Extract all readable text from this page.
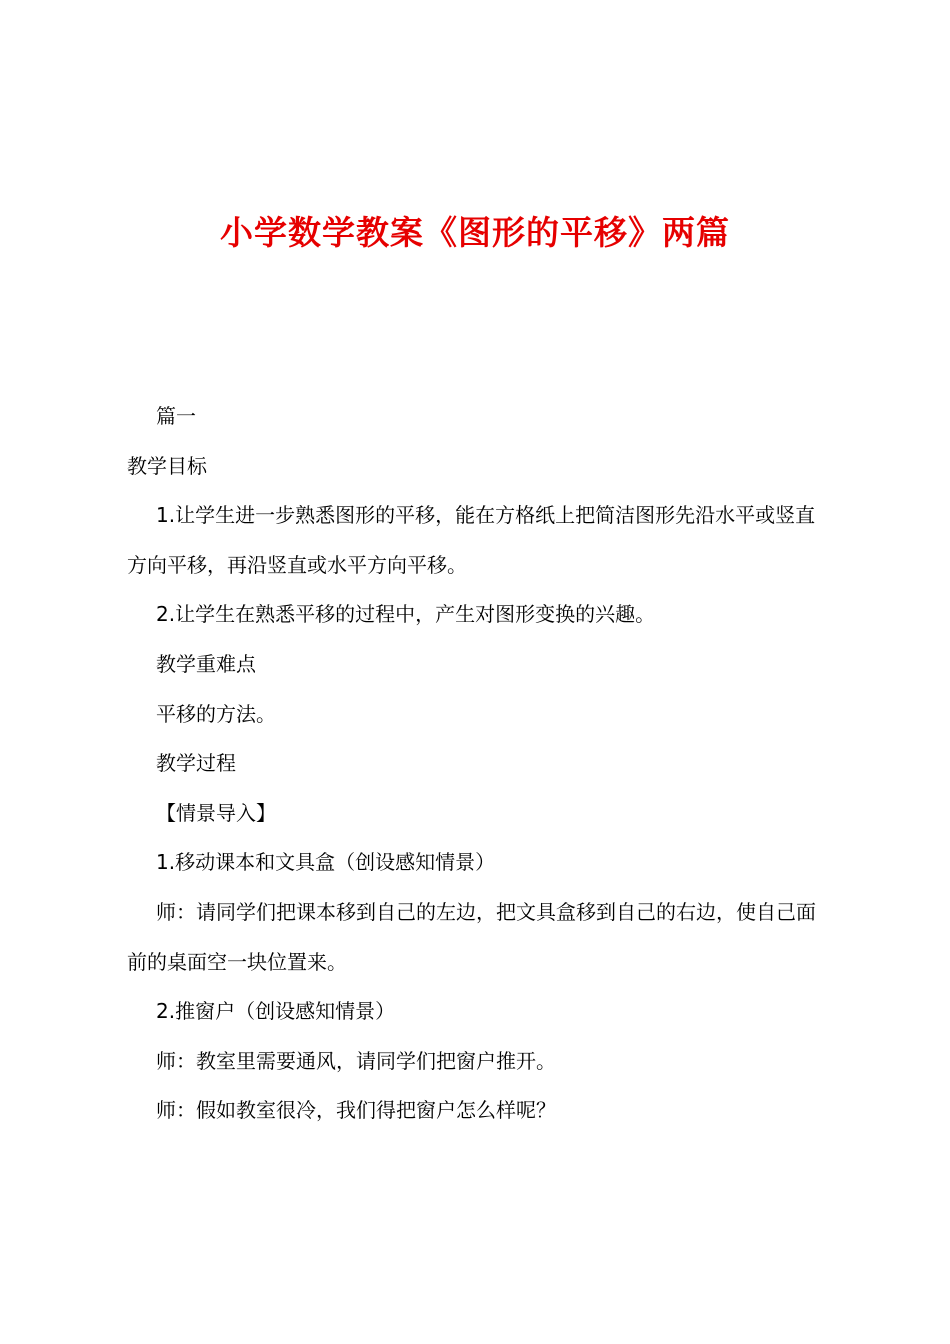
小学数学教案《图形的平移》两篇

篇一

教学目标

1.让学生进一步熟悉图形的平移，能在方格纸上把简洁图形先沿水平或竖直方向平移，再沿竖直或水平方向平移。

2.让学生在熟悉平移的过程中，产生对图形变换的兴趣。

教学重难点

平移的方法。

教学过程

【情景导入】

1.移动课本和文具盒（创设感知情景）

师：请同学们把课本移到自己的左边，把文具盒移到自己的右边，使自己面前的桌面空一块位置来。

2.推窗户（创设感知情景）

师：教室里需要通风，请同学们把窗户推开。

师：假如教室很冷，我们得把窗户怎么样呢？
